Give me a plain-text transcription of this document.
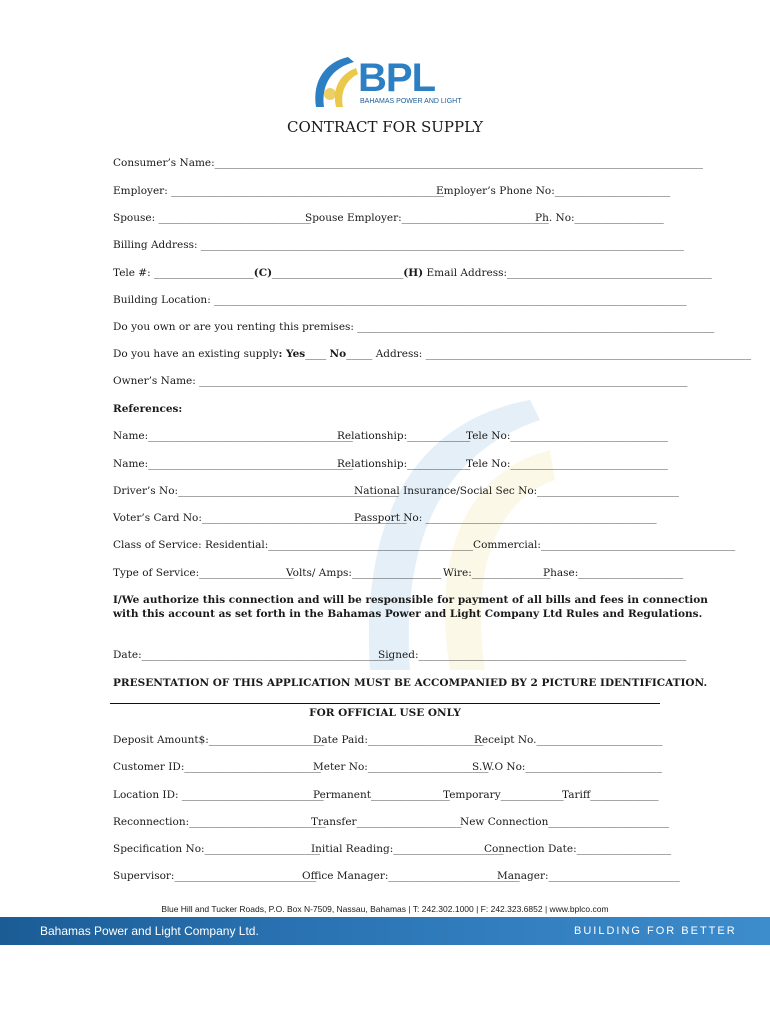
BPL
BAHAMAS POWER AND LIGHT
CONTRACT FOR SUPPLY
Consumer’s Name:_____________________________________________________________________________________________
Employer: ____________________________________________________
Employer’s Phone No:______________________
Spouse: _____________________________
Spouse Employer:____________________________
Ph. No:_________________
Billing Address: ____________________________________________________________________________________________
Tele #: ___________________(C)_________________________(H) Email Address:_______________________________________
Building Location: __________________________________________________________________________________________
Do you own or are you renting this premises: ____________________________________________________________________
Do you have an existing supply: Yes____ No_____ Address: ______________________________________________________________
Owner’s Name: _____________________________________________________________________________________________
References:
Name:_______________________________________
Relationship:____________
Tele No:______________________________
Name:_______________________________________
Relationship:____________
Tele No:______________________________
Driver’s No:__________________________________________
National Insurance/Social Sec No:___________________________
Voter’s Card No:_______________________________________
Passport No: ____________________________________________
Class of Service: Residential:_______________________________________Commercial:_____________________________________
Type of Service:__________________
Volts/ Amps:_________________ Wire:_______________
Phase:____________________
I/We authorize this connection and will be responsible for payment of all bills and fees in connection
with this account as set forth in the Bahamas Power and Light Company Ltd Rules and Regulations.
Date:________________________________________________
Signed:___________________________________________________
PRESENTATION OF THIS APPLICATION MUST BE ACCOMPANIED BY 2 PICTURE IDENTIFICATION.
FOR OFFICIAL USE ONLY
Deposit Amount$:______________________
Date Paid:______________________
Receipt No.________________________
Customer ID:__________________________
Meter No:_______________________
S.W.O No:__________________________
Location ID: ___________________________
Permanent_______________
Temporary____________
Tariff_____________
Reconnection:__________________________
Transfer____________________
New Connection_______________________
Specification No:______________________
Initial Reading:_____________________
Connection Date:__________________
Supervisor:___________________________
Office Manager:_________________________
Manager:_________________________
Blue Hill and Tucker Roads, P.O. Box N-7509, Nassau, Bahamas | T: 242.302.1000 | F: 242.323.6852 | www.bplco.com
Bahamas Power and Light Company Ltd.	BUILDING FOR BETTER
